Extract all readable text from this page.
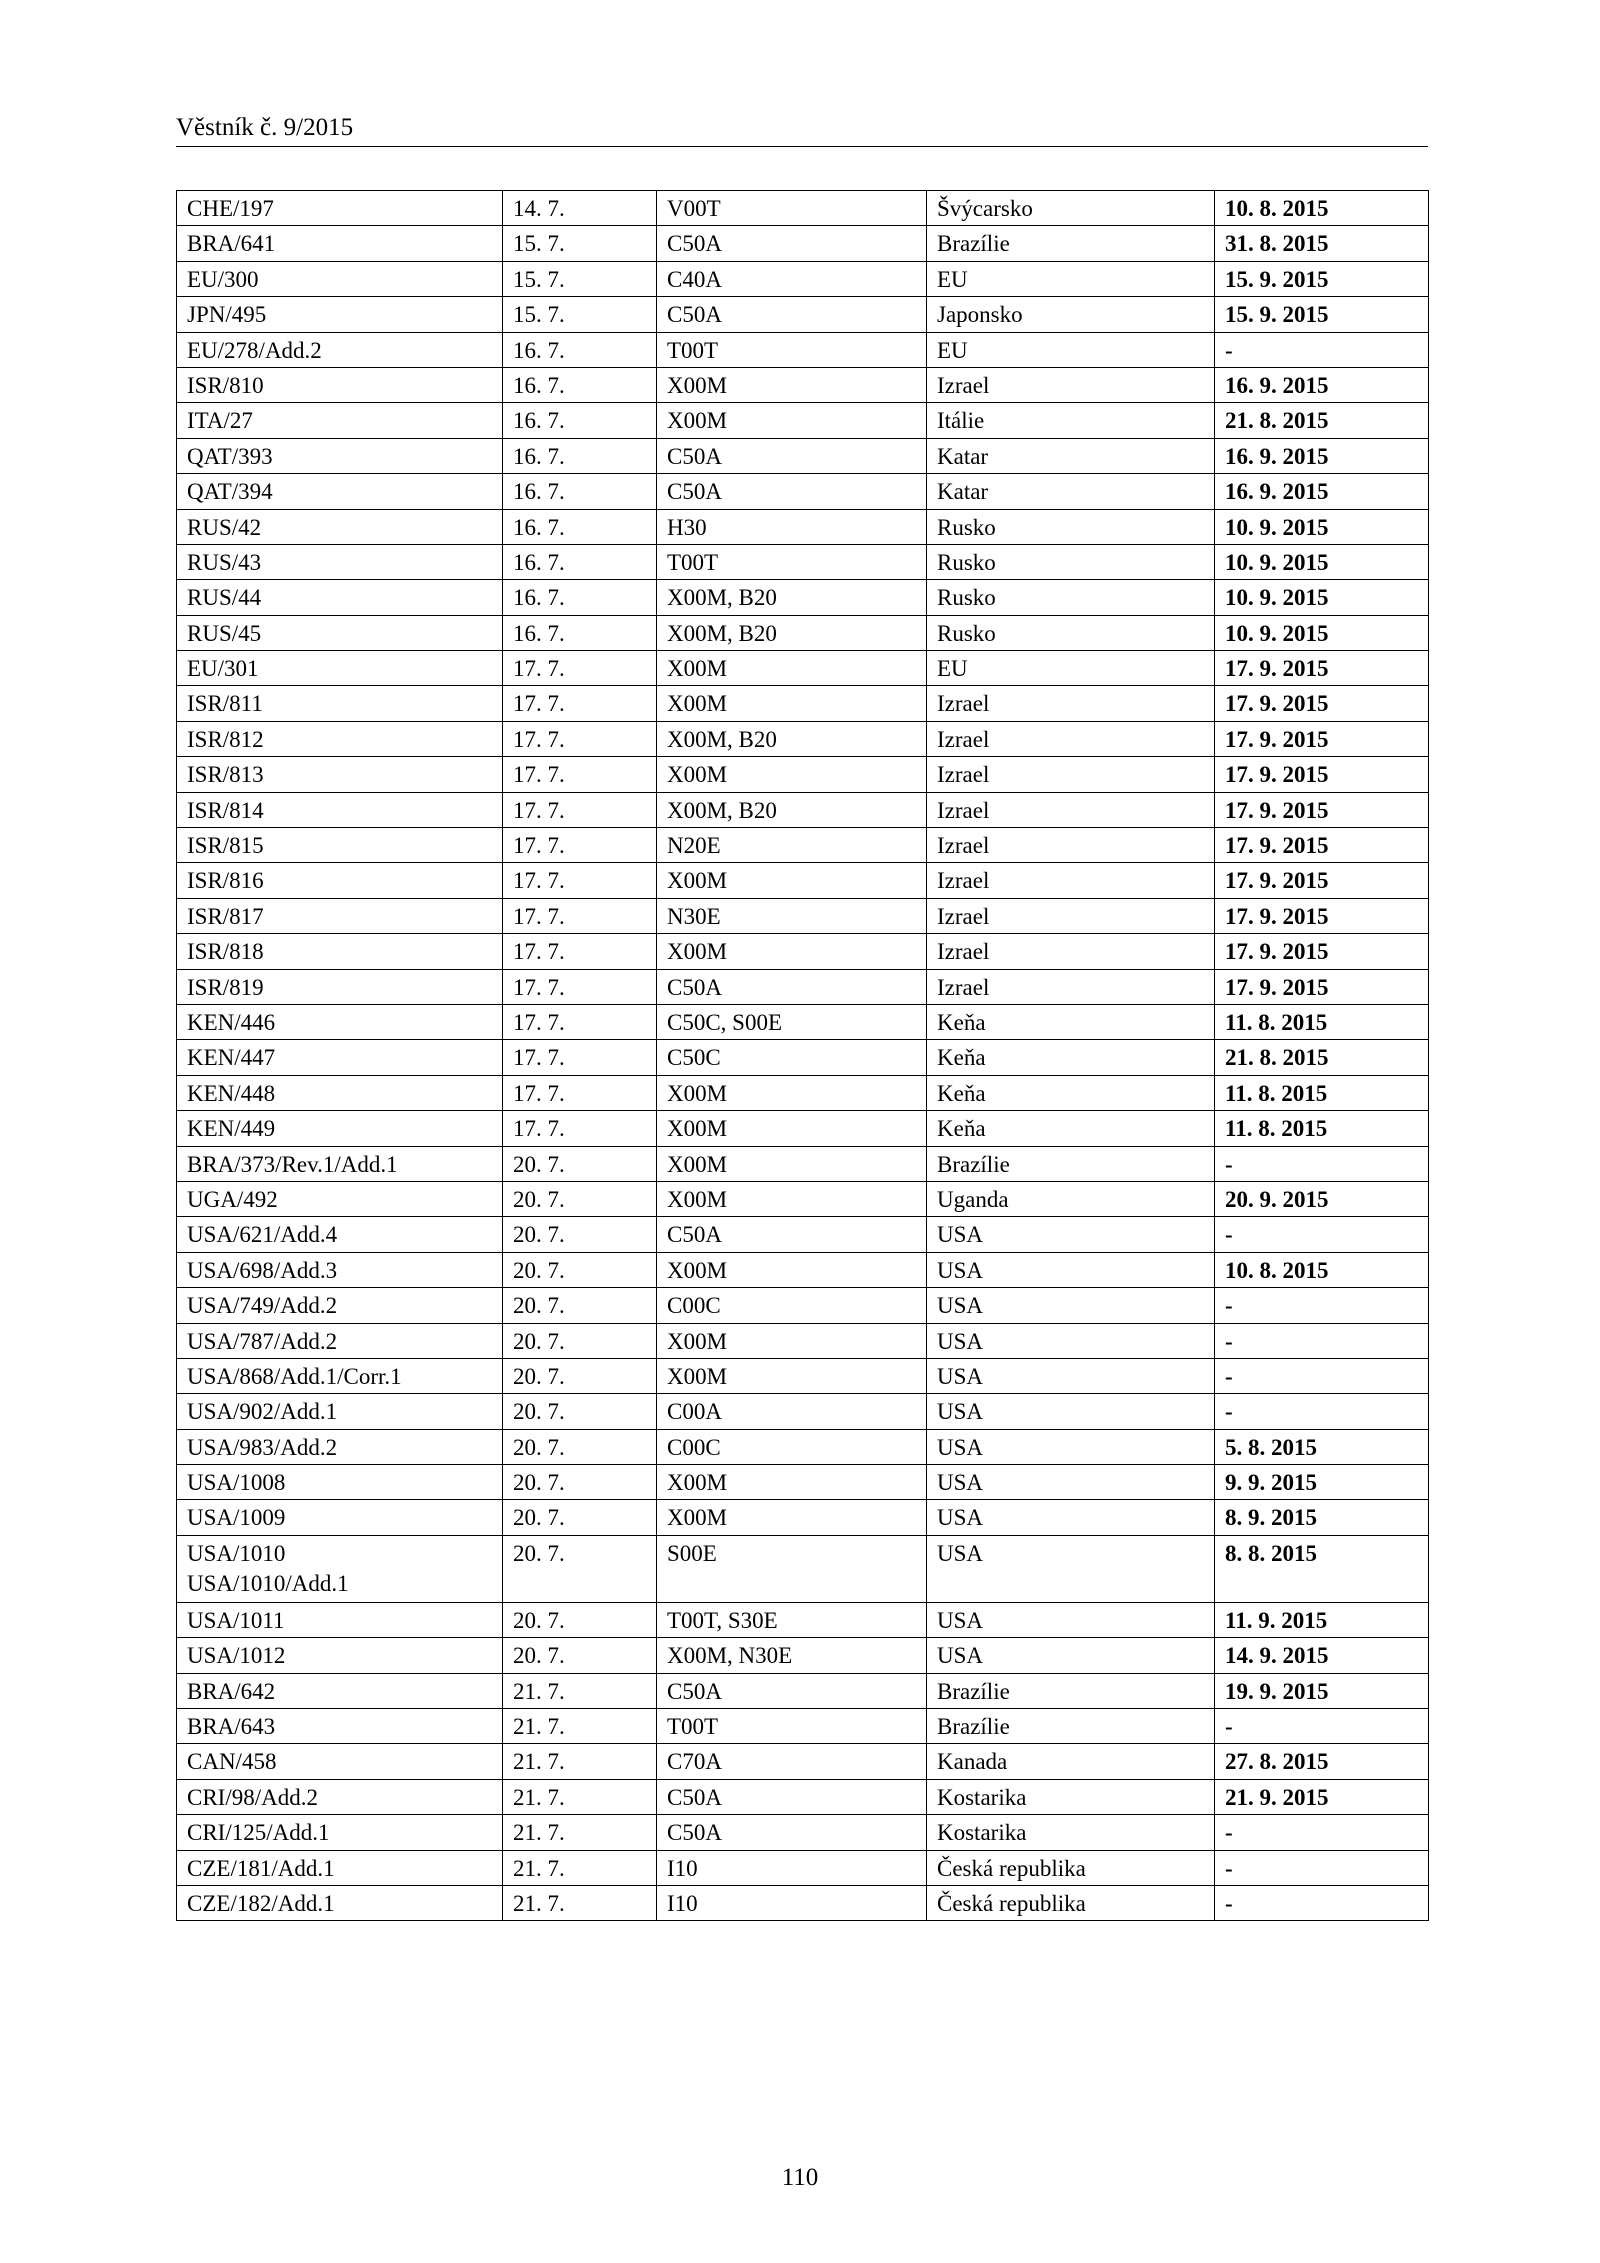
Věstník č. 9/2015
CHE/197	14. 7.	V00T	Švýcarsko	10. 8. 2015

BRA/641	15. 7.	C50A	Brazílie	31. 8. 2015

EU/300	15. 7.	C40A	EU	15. 9. 2015

JPN/495	15. 7.	C50A	Japonsko	15. 9. 2015

EU/278/Add.2	16. 7.	T00T	EU	-

ISR/810	16. 7.	X00M	Izrael	16. 9. 2015

ITA/27	16. 7.	X00M	Itálie	21. 8. 2015

QAT/393	16. 7.	C50A	Katar	16. 9. 2015

QAT/394	16. 7.	C50A	Katar	16. 9. 2015

RUS/42	16. 7.	H30	Rusko	10. 9. 2015

RUS/43	16. 7.	T00T	Rusko	10. 9. 2015

RUS/44	16. 7.	X00M, B20	Rusko	10. 9. 2015

RUS/45	16. 7.	X00M, B20	Rusko	10. 9. 2015

EU/301	17. 7.	X00M	EU	17. 9. 2015

ISR/811	17. 7.	X00M	Izrael	17. 9. 2015

ISR/812	17. 7.	X00M, B20	Izrael	17. 9. 2015

ISR/813	17. 7.	X00M	Izrael	17. 9. 2015

ISR/814	17. 7.	X00M, B20	Izrael	17. 9. 2015

ISR/815	17. 7.	N20E	Izrael	17. 9. 2015

ISR/816	17. 7.	X00M	Izrael	17. 9. 2015

ISR/817	17. 7.	N30E	Izrael	17. 9. 2015

ISR/818	17. 7.	X00M	Izrael	17. 9. 2015

ISR/819	17. 7.	C50A	Izrael	17. 9. 2015

KEN/446	17. 7.	C50C, S00E	Keňa	11. 8. 2015

KEN/447	17. 7.	C50C	Keňa	21. 8. 2015

KEN/448	17. 7.	X00M	Keňa	11. 8. 2015

KEN/449	17. 7.	X00M	Keňa	11. 8. 2015

BRA/373/Rev.1/Add.1	20. 7.	X00M	Brazílie	-

UGA/492	20. 7.	X00M	Uganda	20. 9. 2015

USA/621/Add.4	20. 7.	C50A	USA	-

USA/698/Add.3	20. 7.	X00M	USA	10. 8. 2015

USA/749/Add.2	20. 7.	C00C	USA	-

USA/787/Add.2	20. 7.	X00M	USA	-

USA/868/Add.1/Corr.1	20. 7.	X00M	USA	-

USA/902/Add.1	20. 7.	C00A	USA	-

USA/983/Add.2	20. 7.	C00C	USA	5. 8. 2015

USA/1008	20. 7.	X00M	USA	9. 9. 2015

USA/1009	20. 7.	X00M	USA	8. 9. 2015

USA/1010
USA/1010/Add.1	20. 7.	S00E	USA	8. 8. 2015

USA/1011	20. 7.	T00T, S30E	USA	11. 9. 2015

USA/1012	20. 7.	X00M, N30E	USA	14. 9. 2015

BRA/642	21. 7.	C50A	Brazílie	19. 9. 2015

BRA/643	21. 7.	T00T	Brazílie	-

CAN/458	21. 7.	C70A	Kanada	27. 8. 2015

CRI/98/Add.2	21. 7.	C50A	Kostarika	21. 9. 2015

CRI/125/Add.1	21. 7.	C50A	Kostarika	-

CZE/181/Add.1	21. 7.	I10	Česká republika	-

CZE/182/Add.1	21. 7.	I10	Česká republika	-
110
